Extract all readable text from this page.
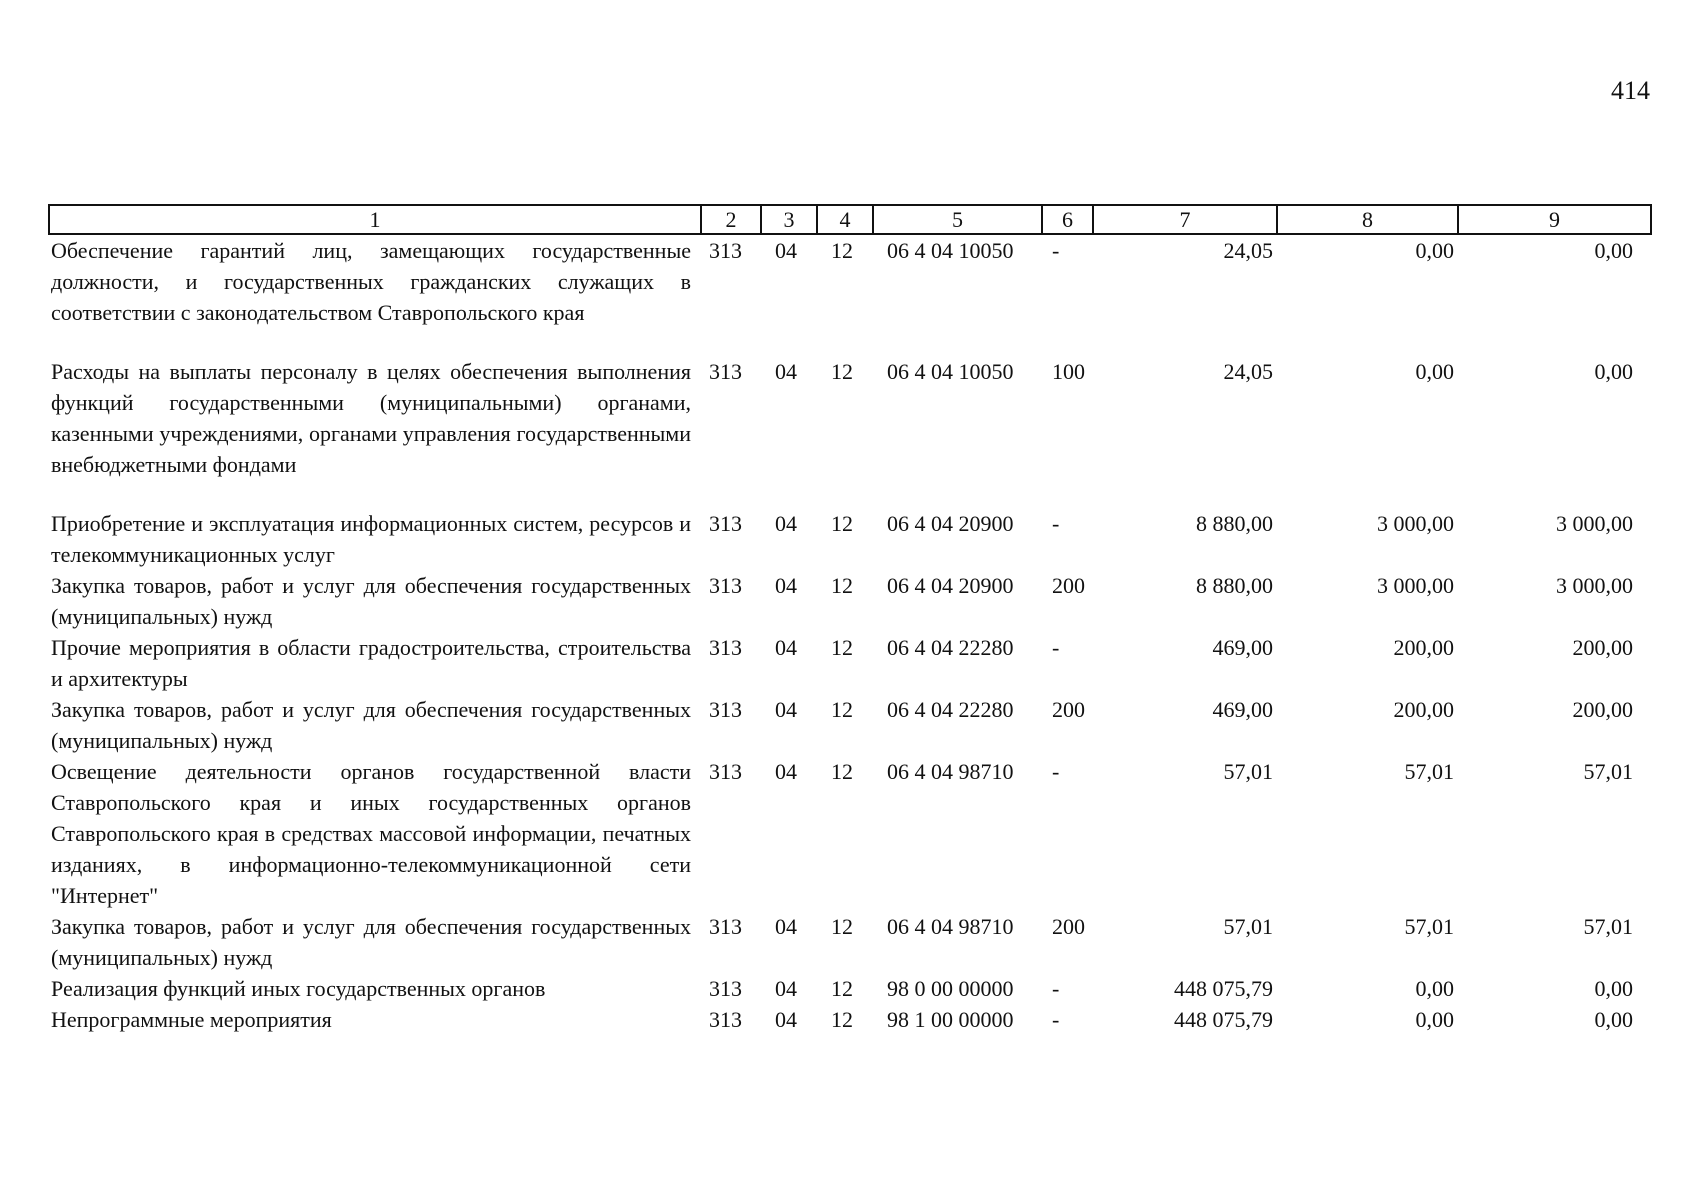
414
1	2	3	4	5	6	7	8	9
Обеспечение гарантий лиц, замещающих государственные должности, и государственных гражданских служащих в соответствии с законодательством Ставропольского края	313	04	12	06 4 04 10050	-	24,05	0,00	0,00
Расходы на выплаты персоналу в целях обеспечения выполнения функций государственными (муниципальными) органами, казенными учреждениями, органами управления государственными внебюджетными фондами	313	04	12	06 4 04 10050	100	24,05	0,00	0,00
Приобретение и эксплуатация информационных систем, ресурсов и телекоммуникационных услуг	313	04	12	06 4 04 20900	-	8 880,00	3 000,00	3 000,00
Закупка товаров, работ и услуг для обеспечения государственных (муниципальных) нужд	313	04	12	06 4 04 20900	200	8 880,00	3 000,00	3 000,00
Прочие мероприятия в области градостроительства, строительства и архитектуры	313	04	12	06 4 04 22280	-	469,00	200,00	200,00
Закупка товаров, работ и услуг для обеспечения государственных (муниципальных) нужд	313	04	12	06 4 04 22280	200	469,00	200,00	200,00
Освещение деятельности органов государственной власти Ставропольского края и иных государственных органов Ставропольского края в средствах массовой информации, печатных изданиях, в информационно-телекоммуникационной сети "Интернет"	313	04	12	06 4 04 98710	-	57,01	57,01	57,01
Закупка товаров, работ и услуг для обеспечения государственных (муниципальных) нужд	313	04	12	06 4 04 98710	200	57,01	57,01	57,01
Реализация функций иных государственных органов	313	04	12	98 0 00 00000	-	448 075,79	0,00	0,00
Непрограммные мероприятия	313	04	12	98 1 00 00000	-	448 075,79	0,00	0,00
